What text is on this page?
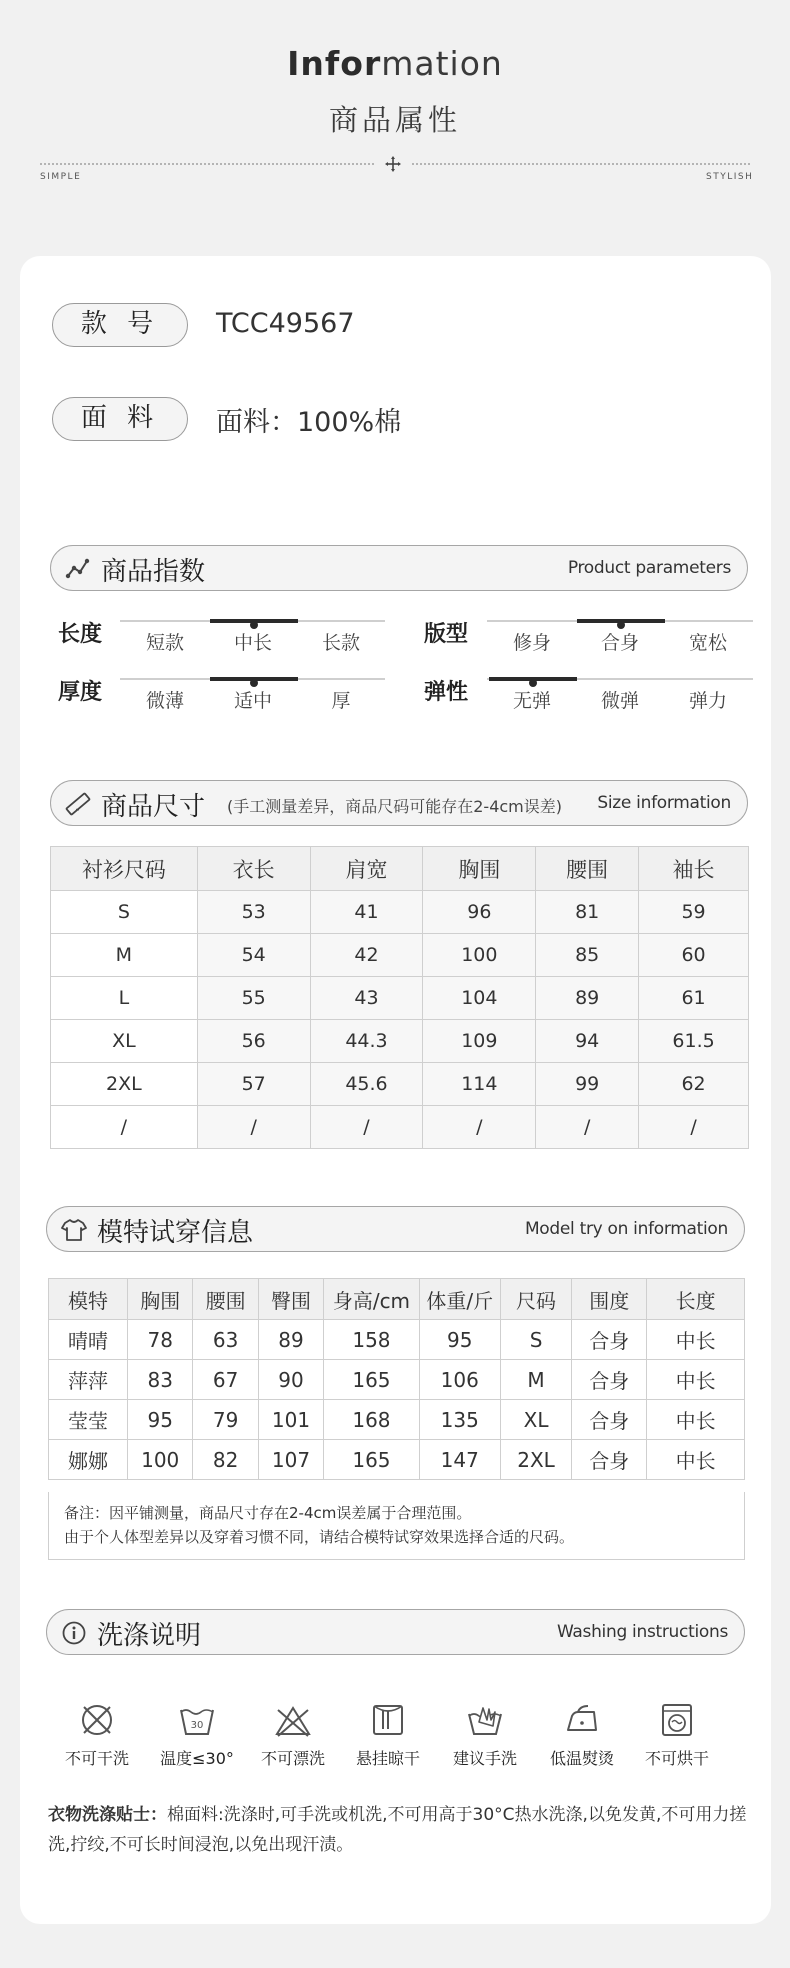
Information
商品属性
SIMPLE	STYLISH
款 号	TCC49567
面 料	面料：100%棉
商品指数	Product parameters
长度	短款	中长	长款	版型	修身	合身	宽松
厚度	微薄	适中	厚	弹性	无弹	微弹	弹力
商品尺寸 (手工测量差异，商品尺码可能存在2-4cm误差) Size information
衬衫尺码	衣长	肩宽	胸围	腰围	袖长
S	53	41	96	81	59
M	54	42	100	85	60
L	55	43	104	89	61
XL	56	44.3	109	94	61.5
2XL	57	45.6	114	99	62
/	/	/	/	/	/
模特试穿信息	Model try on information
模特	胸围	腰围	臀围	身高/cm	体重/斤	尺码	围度	长度
晴晴	78	63	89	158	95	S	合身	中长
萍萍	83	67	90	165	106	M	合身	中长
莹莹	95	79	101	168	135	XL	合身	中长
娜娜	100	82	107	165	147	2XL	合身	中长
备注：因平铺测量，商品尺寸存在2-4cm误差属于合理范围。
由于个人体型差异以及穿着习惯不同，请结合模特试穿效果选择合适的尺码。
洗涤说明	Washing instructions
不可干洗
30
温度≤30°	不可漂洗	悬挂晾干	建议手洗	低温熨烫	不可烘干
衣物洗涤贴士：棉面料:洗涤时,可手洗或机洗,不可用高于30°C热水洗涤,以免发黄,不可用力搓洗,拧绞,不可长时间浸泡,以免出现汗渍。
